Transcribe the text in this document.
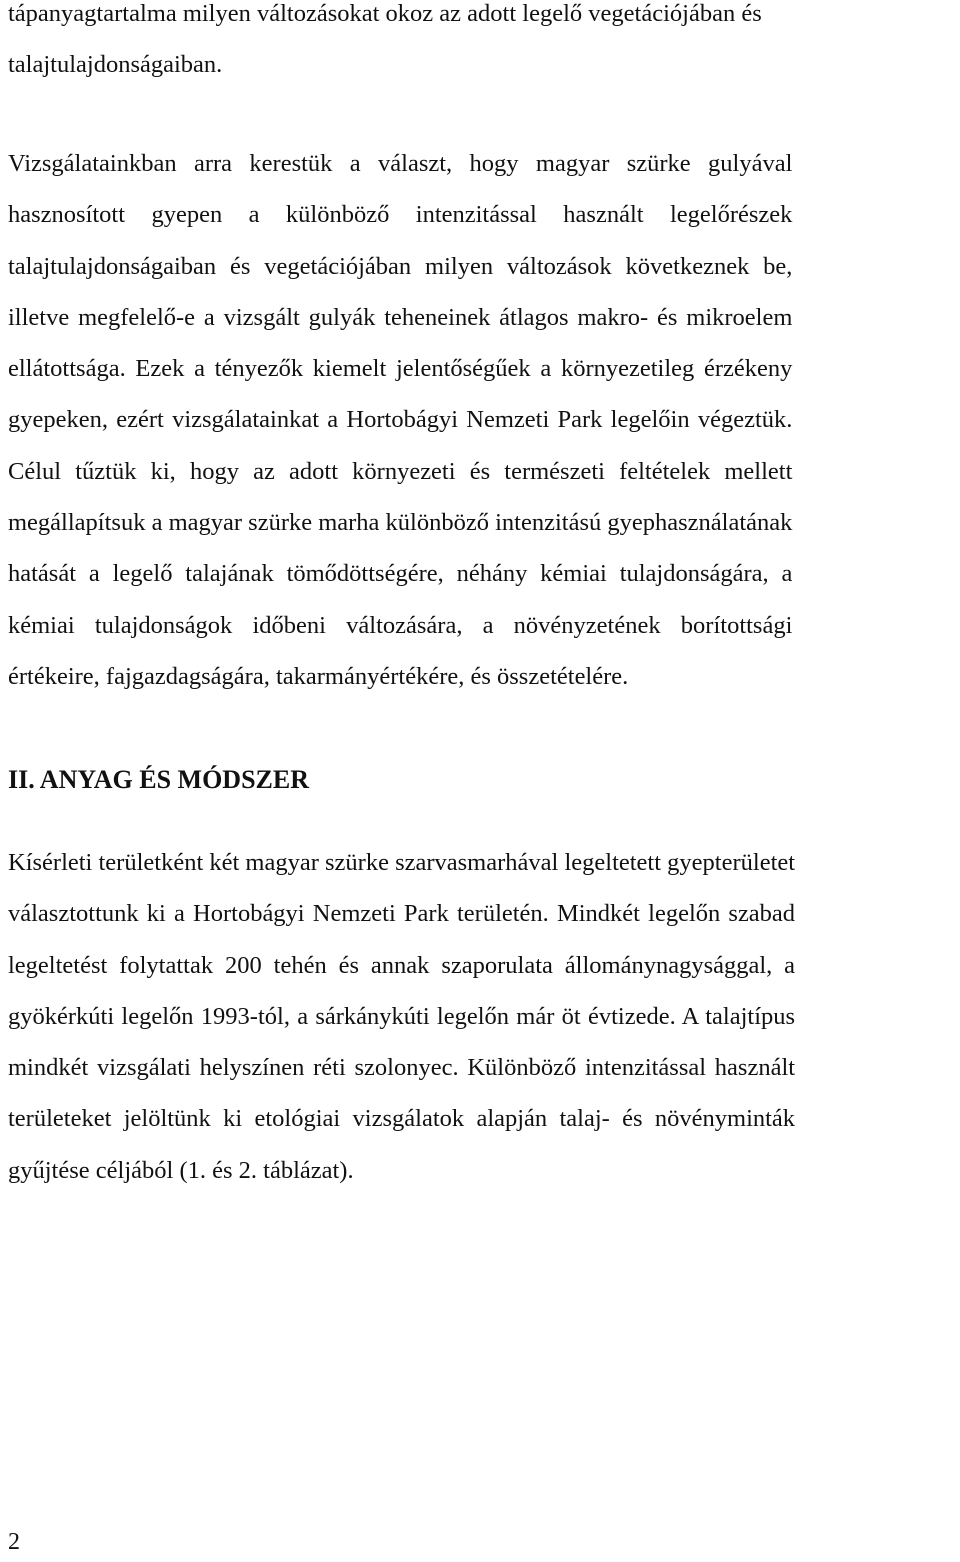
tápanyagtartalma milyen változásokat okoz az adott legelő vegetációjában és
talajtulajdonságaiban.

Vizsgálatainkban arra kerestük a választ, hogy magyar szürke gulyával
hasznosított gyepen a különböző intenzitással használt legelőrészek
talajtulajdonságaiban és vegetációjában milyen változások következnek be,
illetve megfelelő-e a vizsgált gulyák teheneinek átlagos makro- és mikroelem
ellátottsága. Ezek a tényezők kiemelt jelentőségűek a környezetileg érzékeny
gyepeken, ezért vizsgálatainkat a Hortobágyi Nemzeti Park legelőin végeztük.
Célul tűztük ki, hogy az adott környezeti és természeti feltételek mellett
megállapítsuk a magyar szürke marha különböző intenzitású gyephasználatának
hatását a legelő talajának tömődöttségére, néhány kémiai tulajdonságára, a
kémiai tulajdonságok időbeni változására, a növényzetének borítottsági
értékeire, fajgazdagságára, takarmányértékére, és összetételére.

II. ANYAG ÉS MÓDSZER

Kísérleti területként két magyar szürke szarvasmarhával legeltetett gyepterületet
választottunk ki a Hortobágyi Nemzeti Park területén. Mindkét legelőn szabad
legeltetést folytattak 200 tehén és annak szaporulata állománynagysággal, a
gyökérkúti legelőn 1993-tól, a sárkánykúti legelőn már öt évtizede. A talajtípus
mindkét vizsgálati helyszínen réti szolonyec. Különböző intenzitással használt
területeket jelöltünk ki etológiai vizsgálatok alapján talaj- és növényminták
gyűjtése céljából (1. és 2. táblázat).

2
